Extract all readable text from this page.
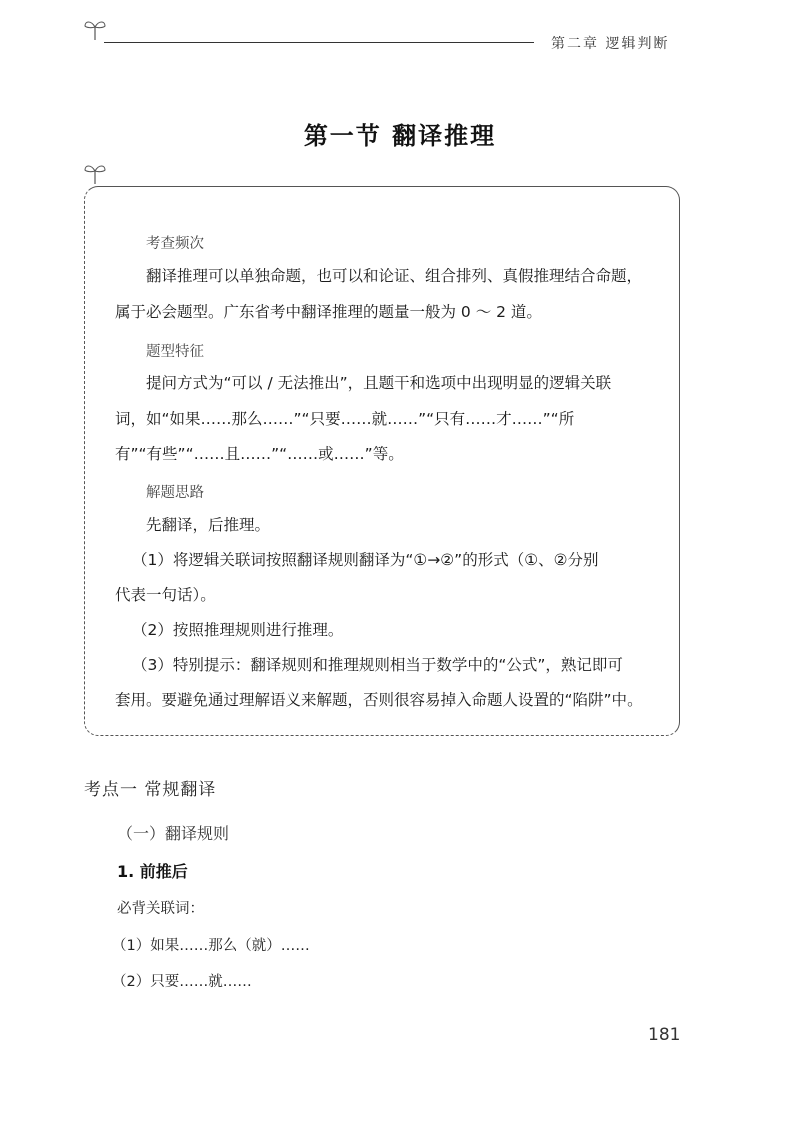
第二章 逻辑判断
第一节 翻译推理
考查频次
翻译推理可以单独命题，也可以和论证、组合排列、真假推理结合命题，
属于必会题型。广东省考中翻译推理的题量一般为 0 ～ 2 道。
题型特征
提问方式为“可以 / 无法推出”，且题干和选项中出现明显的逻辑关联
词，如“如果……那么……”“只要……就……”“只有……才……”“所
有”“有些”“……且……”“……或……”等。
解题思路
先翻译，后推理。
（1）将逻辑关联词按照翻译规则翻译为“①→②”的形式（①、②分别
代表一句话）。
（2）按照推理规则进行推理。
（3）特别提示：翻译规则和推理规则相当于数学中的“公式”，熟记即可
套用。要避免通过理解语义来解题，否则很容易掉入命题人设置的“陷阱”中。
考点一 常规翻译
（一）翻译规则
1. 前推后
必背关联词：
（1）如果……那么（就）……
（2）只要……就……
181
